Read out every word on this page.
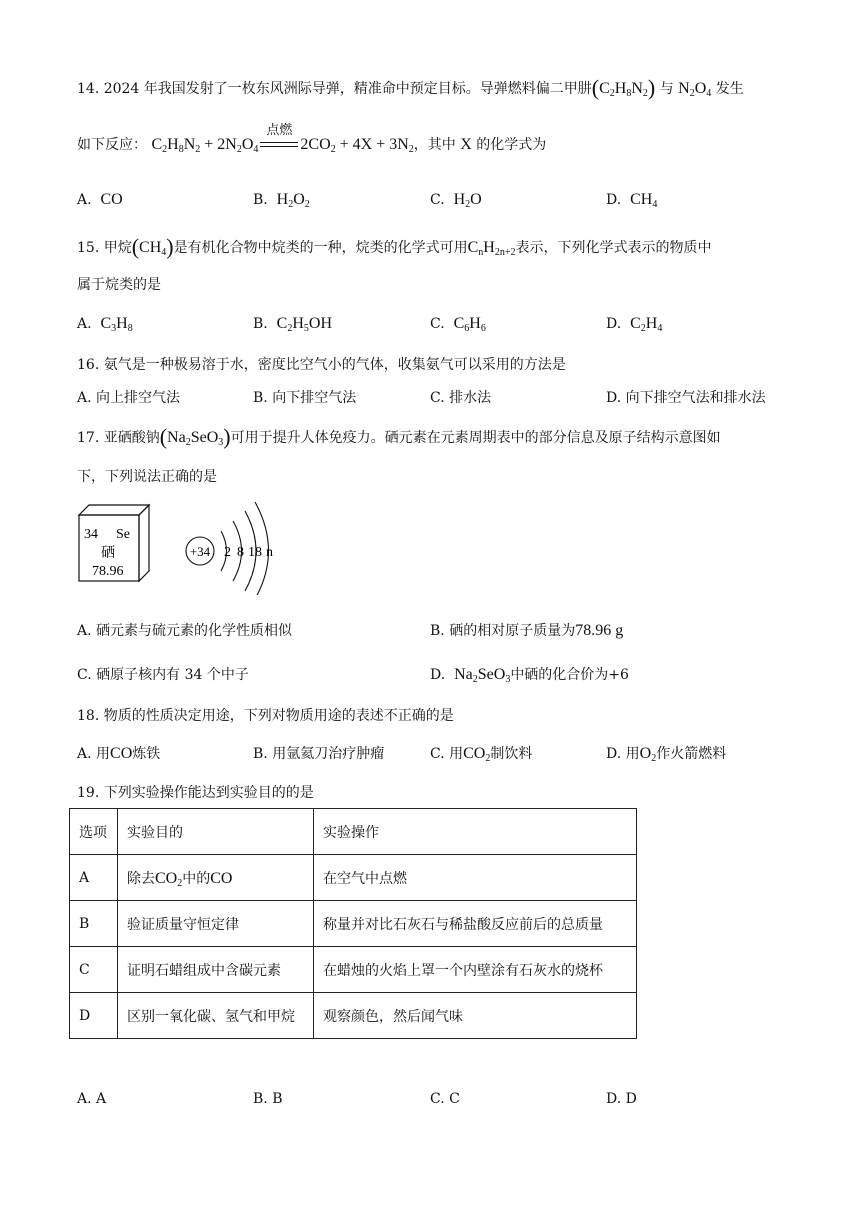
14. 2024 年我国发射了一枚东风洲际导弹，精准命中预定目标。导弹燃料偏二甲肼$(C_2H_8N_2)$ 与 $N_2O_4$ 发生
如下反应： $C_2H_8N_2 + 2N_2O_4$
点燃
$2CO_2 + 4X + 3N_2$，其中 X 的化学式为
A. CO	B. $H_2O_2$	C. $H_2O$	D. $CH_4$
15. 甲烷$(CH_4)$是有机化合物中烷类的一种，烷类的化学式可用$C_nH_{2n+2}$表示，下列化学式表示的物质中
属于烷类的是
A. $C_3H_8$	B. $C_2H_5OH$	C. $C_6H_6$	D. $C_2H_4$
16. 氨气是一种极易溶于水，密度比空气小的气体，收集氨气可以采用的方法是
A. 向上排空气法	B. 向下排空气法	C. 排水法	D. 向下排空气法和排水法
17. 亚硒酸钠$(Na_2SeO_3)$可用于提升人体免疫力。硒元素在元素周期表中的部分信息及原子结构示意图如
下，下列说法正确的是
34 Se
硒
78.96
+34 2 8 18 n
A. 硒元素与硫元素的化学性质相似	B. 硒的相对原子质量为78.96 g
C. 硒原子核内有 34 个中子	D. $Na_2SeO_3$中硒的化合价为+6
18. 物质的性质决定用途，下列对物质用途的表述不正确的是
A. 用CO炼铁	B. 用氩氦刀治疗肿瘤	C. 用$CO_2$制饮料	D. 用$O_2$作火箭燃料
19. 下列实验操作能达到实验目的的是
选项	实验目的	实验操作
A	除去$CO_2$中的CO	在空气中点燃
B	验证质量守恒定律	称量并对比石灰石与稀盐酸反应前后的总质量
C	证明石蜡组成中含碳元素	在蜡烛的火焰上罩一个内壁涂有石灰水的烧杯
D	区别一氧化碳、氢气和甲烷	观察颜色，然后闻气味
A. A	B. B	C. C	D. D
